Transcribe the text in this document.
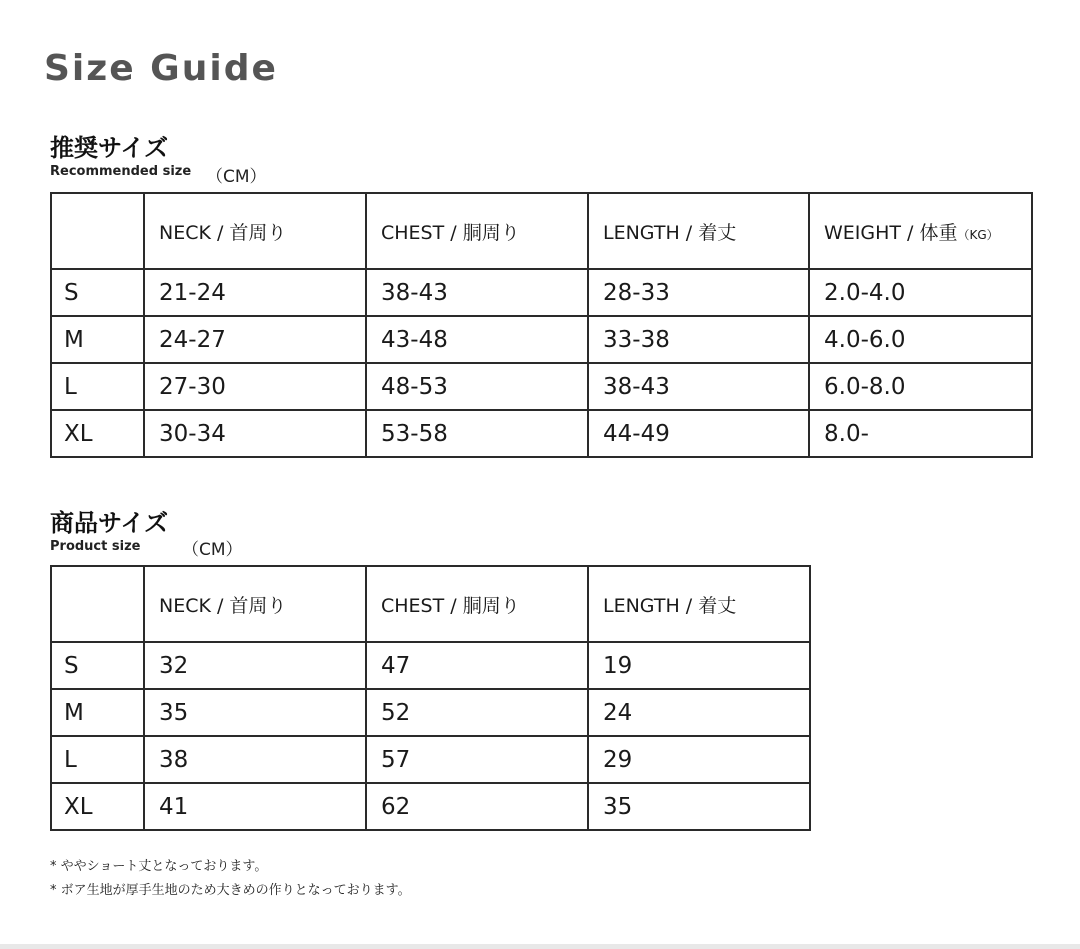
Size Guide
推奨サイズ
Recommended size （CM）
	NECK / 首周り	CHEST / 胴周り	LENGTH / 着丈	WEIGHT / 体重（KG）
S	21-24	38-43	28-33	2.0-4.0
M	24-27	43-48	33-38	4.0-6.0
L	27-30	48-53	38-43	6.0-8.0
XL	30-34	53-58	44-49	8.0-
商品サイズ
Product size	（CM）
	NECK / 首周り	CHEST / 胴周り	LENGTH / 着丈
S	32	47	19
M	35	52	24
L	38	57	29
XL	41	62	35
* ややショート丈となっております。
* ボア生地が厚手生地のため大きめの作りとなっております。
